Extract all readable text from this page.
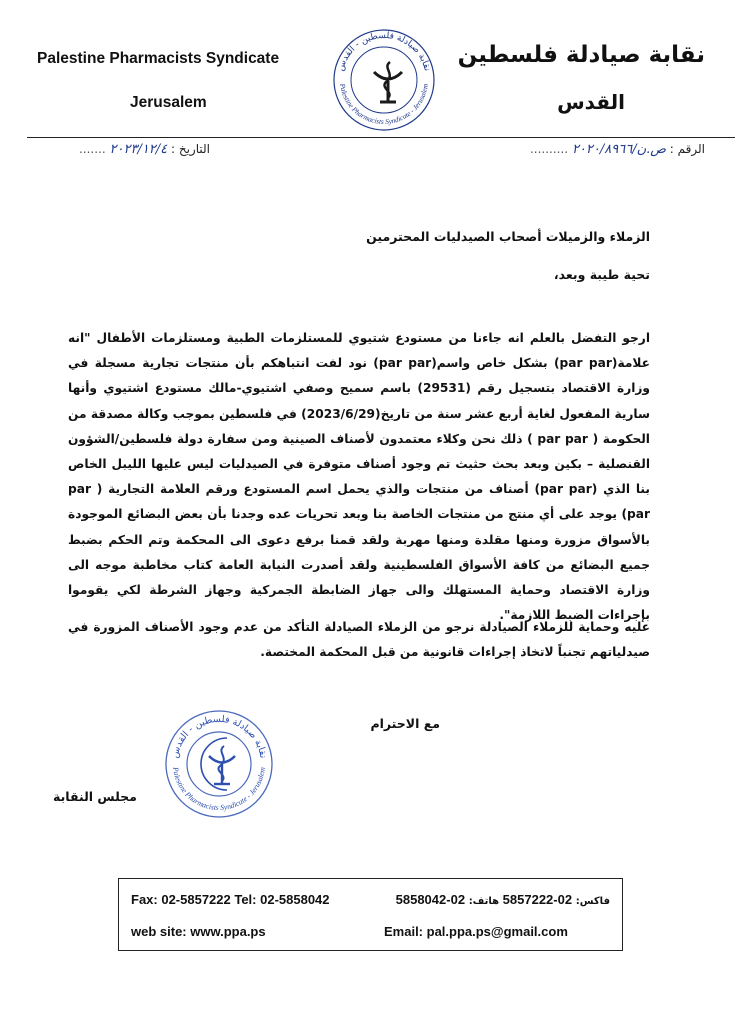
Palestine Pharmacists Syndicate
Jerusalem
نقابة صيادلة فلسطين
القدس
نقابة صيادلة فلسطين - القدس
Palestine Pharmacists Syndicate - Jerusalem
الرقم : ص.ن/٢٠٢٠/٨٩٦٦ ..........
التاريخ : ٢٠٢٣/١٢/٤ .......
الزملاء والزميلات أصحاب الصيدليات المحترمين
تحية طيبة وبعد،
ارجو التفضل بالعلم انه جاءنا من مستودع شتيوي للمستلزمات الطبية ومستلزمات الأطفال "انه علامة(par par) بشكل خاص واسم(par par) نود لفت انتباهكم بأن منتجات تجارية مسجلة في وزارة الاقتصاد بتسجيل رقم (29531) باسم سميح وصفي اشتيوي-مالك مستودع اشتيوي وأنها سارية المفعول لغاية أربع عشر سنة من تاريخ(2023/6/29) في فلسطين بموجب وكالة مصدقة من الحكومة ( par par ) ذلك نحن وكلاء معتمدون لأصناف الصينية ومن سفارة دولة فلسطين/الشؤون القنصلية – بكين وبعد بحث حثيث تم وجود أصناف متوفرة في الصيدليات ليس عليها الليبل الخاص بنا الذي (par par) أصناف من منتجات والذي يحمل اسم المستودع ورقم العلامة التجارية ( par par) يوجد على أي منتج من منتجات الخاصة بنا وبعد تحريات عده وجدنا بأن بعض البضائع الموجودة بالأسواق مزورة ومنها مقلدة ومنها مهربة ولقد قمنا برفع دعوى الى المحكمة وتم الحكم بضبط جميع البضائع من كافة الأسواق الفلسطينية ولقد أصدرت النيابة العامة كتاب مخاطبة موجه الى وزارة الاقتصاد وحماية المستهلك والى جهاز الضابطة الجمركية وجهاز الشرطة لكي يقوموا بإجراءات الضبط اللازمة".
عليه وحماية للزملاء الصيادلة نرجو من الزملاء الصيادلة التأكد من عدم وجود الأصناف المزورة في صيدلياتهم تجنباً لاتخاذ إجراءات قانونية من قبل المحكمة المختصة.
مع الاحترام
نقابة صيادلة فلسطين - القدس
Palestine Pharmacists Syndicate - Jerusalem
مجلس النقابة
Fax: 02-5857222 Tel: 02-5858042	فاكس: 02-5857222 هاتف: 02-5858042
web site: www.ppa.ps	Email: pal.ppa.ps@gmail.com
